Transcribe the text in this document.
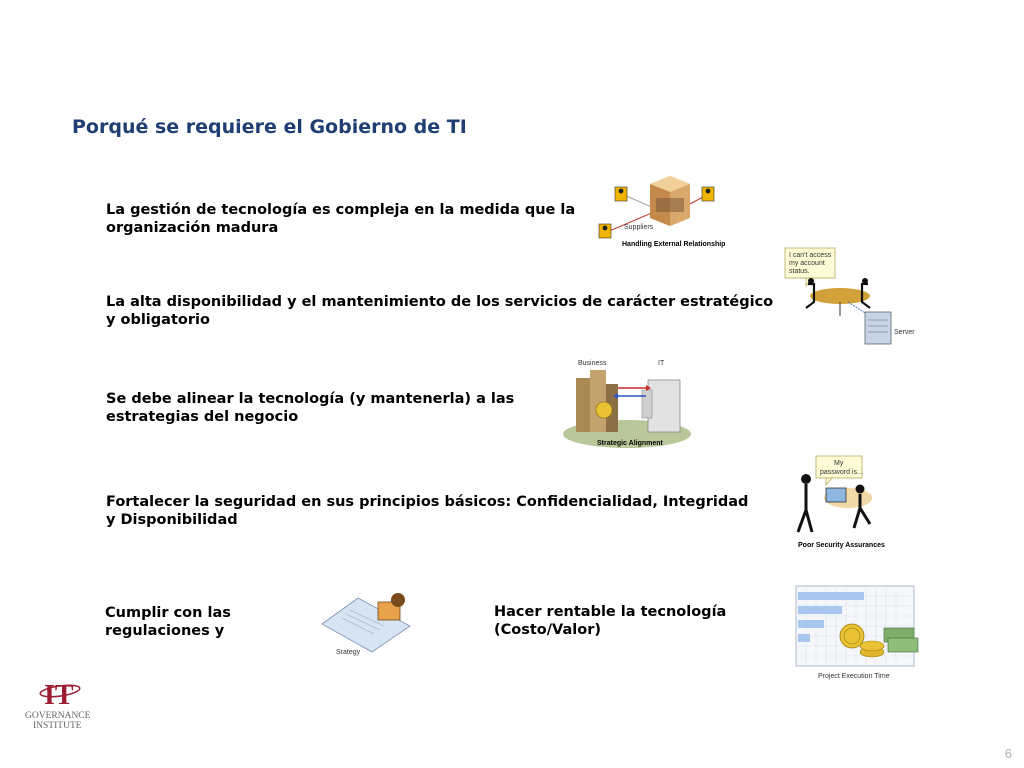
Porqué se requiere el Gobierno de TI
La gestión de tecnología es compleja en la medida que la
organización madura
La alta disponibilidad y el mantenimiento de los servicios de carácter estratégico
y obligatorio
Se debe alinear la tecnología (y mantenerla) a las
estrategias del negocio
Fortalecer la seguridad en sus principios básicos: Confidencialidad, Integridad
y Disponibilidad
Cumplir con las
regulaciones y
Hacer rentable la tecnología
(Costo/Valor)
Suppliers
Handling External Relationship
I can't access
my account
status.
Server
Business	IT
Strategic Alignment
My
password is...
Poor Security Assurances
Srategy
Project Execution Time
IT
GOVERNANCE
INSTITUTE
6
